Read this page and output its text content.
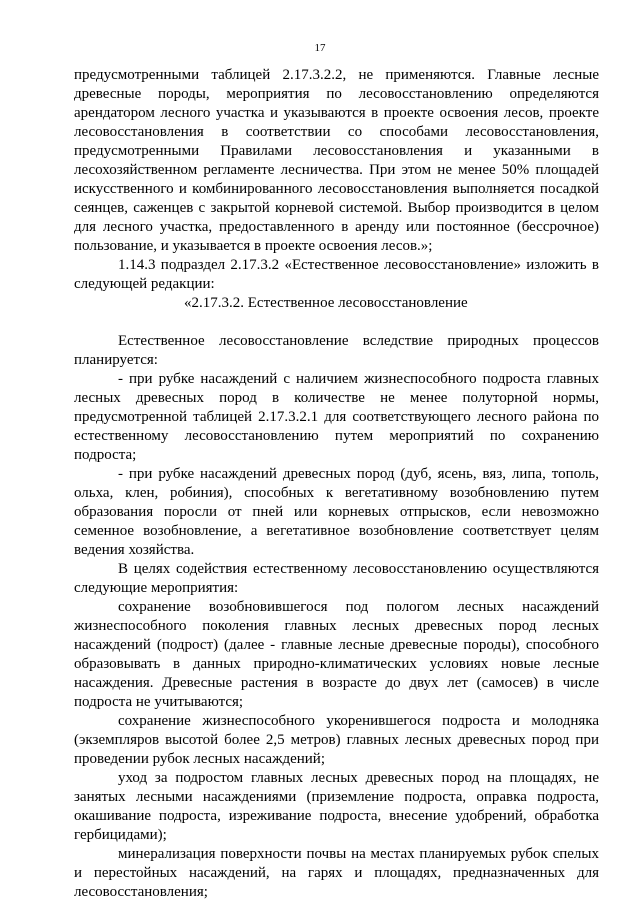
17
предусмотренными таблицей 2.17.3.2.2, не применяются. Главные лесные древесные породы, мероприятия по лесовосстановлению определяются арендатором лесного участка и указываются в проекте освоения лесов, проекте лесовосстановления в соответствии со способами лесовосстановления, предусмотренными Правилами лесовосстановления и указанными в лесохозяйственном регламенте лесничества. При этом не менее 50% площадей искусственного и комбинированного лесовосстановления выполняется посадкой сеянцев, саженцев с закрытой корневой системой. Выбор производится в целом для лесного участка, предоставленного в аренду или постоянное (бессрочное) пользование, и указывается в проекте освоения лесов.»;
1.14.3 подраздел 2.17.3.2 «Естественное лесовосстановление» изложить в следующей редакции:
«2.17.3.2. Естественное лесовосстановление
Естественное лесовосстановление вследствие природных процессов планируется:
- при рубке насаждений с наличием жизнеспособного подроста главных лесных древесных пород в количестве не менее полуторной нормы, предусмотренной таблицей 2.17.3.2.1 для соответствующего лесного района по естественному лесовосстановлению путем мероприятий по сохранению подроста;
- при рубке насаждений древесных пород (дуб, ясень, вяз, липа, тополь, ольха, клен, робиния), способных к вегетативному возобновлению путем образования поросли от пней или корневых отпрысков, если невозможно семенное возобновление, а вегетативное возобновление соответствует целям ведения хозяйства.
В целях содействия естественному лесовосстановлению осуществляются следующие мероприятия:
сохранение возобновившегося под пологом лесных насаждений жизнеспособного поколения главных лесных древесных пород лесных насаждений (подрост) (далее - главные лесные древесные породы), способного образовывать в данных природно-климатических условиях новые лесные насаждения. Древесные растения в возрасте до двух лет (самосев) в числе подроста не учитываются;
сохранение жизнеспособного укоренившегося подроста и молодняка (экземпляров высотой более 2,5 метров) главных лесных древесных пород при проведении рубок лесных насаждений;
уход за подростом главных лесных древесных пород на площадях, не занятых лесными насаждениями (приземление подроста, оправка подроста, окашивание подроста, изреживание подроста, внесение удобрений, обработка гербицидами);
минерализация поверхности почвы на местах планируемых рубок спелых и перестойных насаждений, на гарях и площадях, предназначенных для лесовосстановления;
